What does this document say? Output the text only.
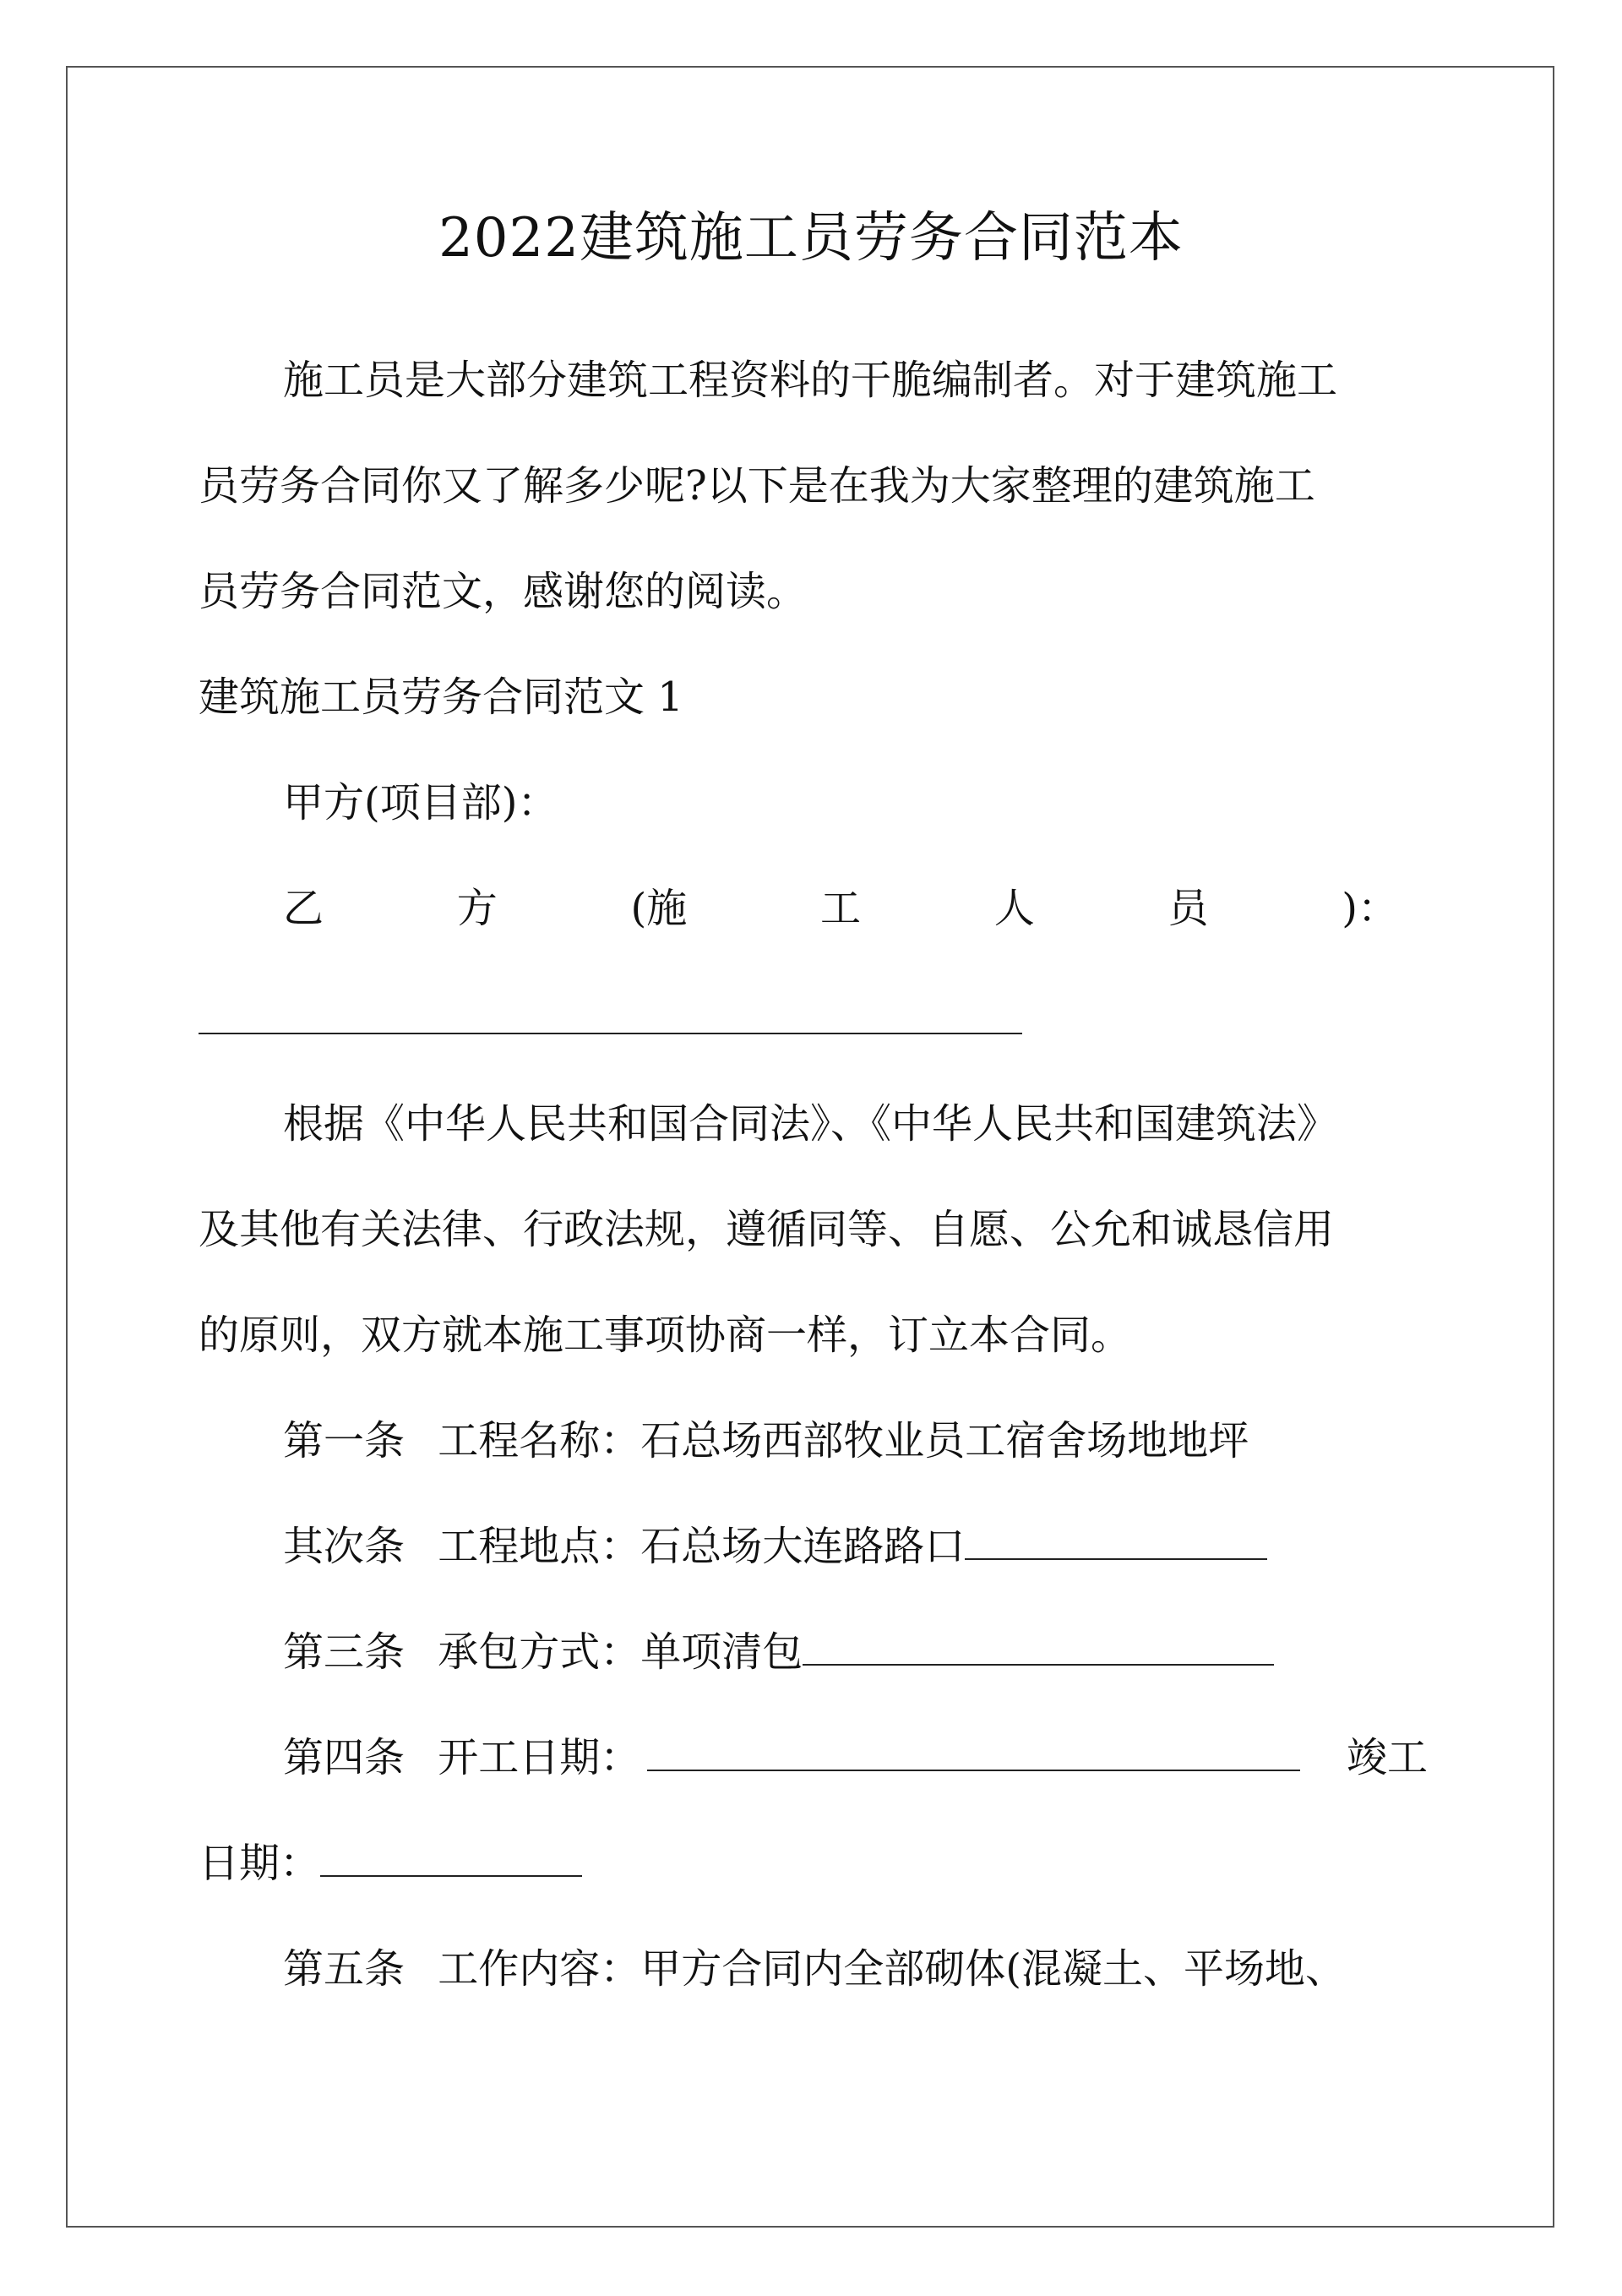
2022建筑施工员劳务合同范本
施工员是大部分建筑工程资料的干脆编制者。对于建筑施工
员劳务合同你又了解多少呢?以下是在我为大家整理的建筑施工
员劳务合同范文，感谢您的阅读。
建筑施工员劳务合同范文 1
甲方(项目部)：
乙	方	(施	工	人	员	)：
根据《中华人民共和国合同法》、《中华人民共和国建筑法》
及其他有关法律、行政法规，遵循同等、自愿、公允和诚恳信用
的原则，双方就本施工事项协商一样，订立本合同。
第一条 工程名称：石总场西部牧业员工宿舍场地地坪
其次条 工程地点：石总场大连路路口
第三条 承包方式：单项清包
第四条 开工日期：	竣工
日期：
第五条 工作内容：甲方合同内全部砌体(混凝土、平场地、
